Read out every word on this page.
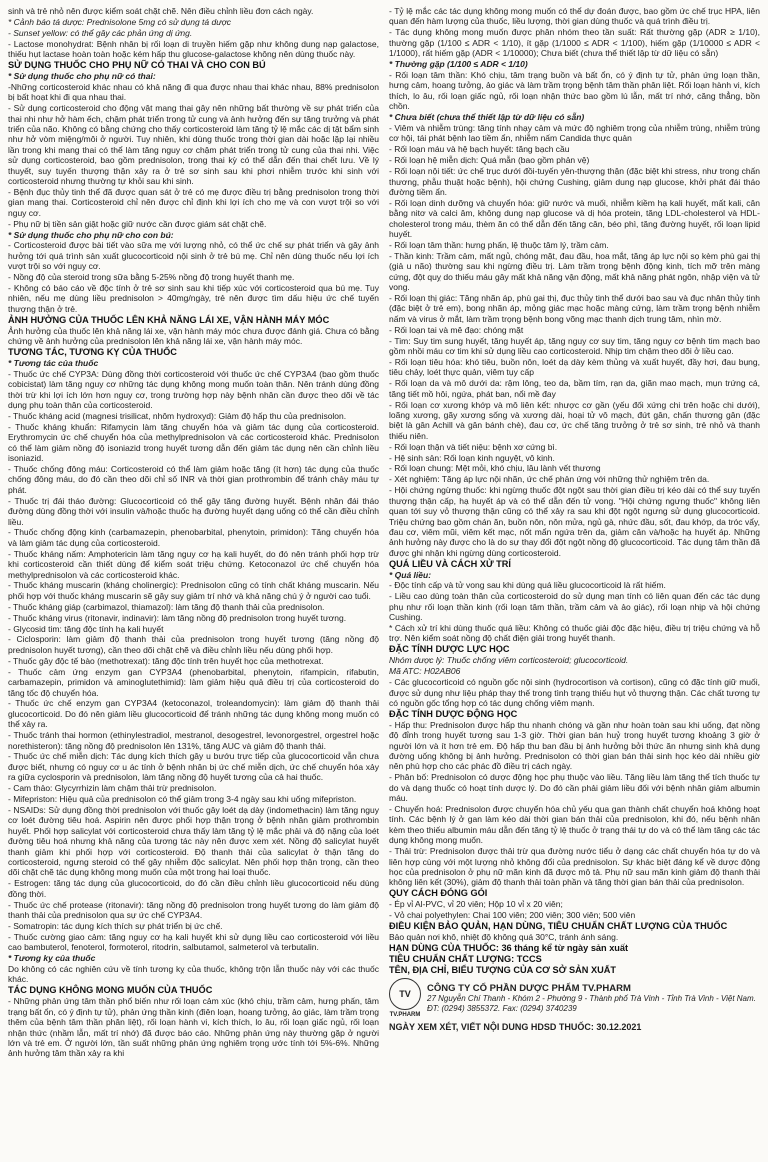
sinh và trẻ nhỏ nên được kiểm soát chặt chẽ. Nên điều chỉnh liều đơn cách ngày.

* Cảnh báo tá dược: Prednisolone 5mg có sử dụng tá dược

- Sunset yellow: có thể gây các phản ứng dị ứng.

- Lactose monohydrat: Bệnh nhân bị rối loạn di truyền hiếm gặp như không dung nạp galactose, thiếu hụt lactase hoàn toàn hoặc kém hấp thu glucose-galactose không nên dùng thuốc này.

SỬ DỤNG THUỐC CHO PHỤ NỮ CÓ THAI VÀ CHO CON BÚ

* Sử dụng thuốc cho phụ nữ có thai:

-Những corticosteroid khác nhau có khả năng đi qua được nhau thai khác nhau, 88% prednisolon bị bất hoạt khi đi qua nhau thai.

- Sử dụng corticosteroid cho động vật mang thai gây nên những bất thường về sự phát triển của thai nhi như hở hàm ếch, chậm phát triển trong tử cung và ảnh hưởng đến sự tăng trưởng và phát triển của não. Không có bằng chứng cho thấy corticosteroid làm tăng tỷ lệ mắc các dị tật bẩm sinh như hở vòm miệng/môi ở người. Tuy nhiên, khi dùng thuốc trong thời gian dài hoặc lặp lại nhiều lần trong khi mang thai có thể làm tăng nguy cơ chậm phát triển trong tử cung của thai nhi. Việc sử dụng corticosteroid, bao gồm prednisolon, trong thai kỳ có thể dẫn đến thai chết lưu. Về lý thuyết, suy tuyến thượng thận xảy ra ở trẻ sơ sinh sau khi phơi nhiễm trước khi sinh với corticosteroid nhưng thường tự khỏi sau khi sinh.

- Bệnh đục thủy tinh thể đã được quan sát ở trẻ có mẹ được điều trị bằng prednisolon trong thời gian mang thai. Corticosteroid chỉ nên được chỉ định khi lợi ích cho mẹ và con vượt trội so với nguy cơ.

- Phụ nữ bị tiền sản giật hoặc giữ nước cần được giám sát chặt chẽ.

* Sử dụng thuốc cho phụ nữ cho con bú:

- Corticosteroid được bài tiết vào sữa mẹ với lượng nhỏ, có thể ức chế sự phát triển và gây ảnh hưởng tới quá trình sản xuất glucocorticoid nội sinh ở trẻ bú mẹ. Chỉ nên dùng thuốc nếu lợi ích vượt trội so với nguy cơ.

- Nồng độ của steroid trong sữa bằng 5-25% nồng độ trong huyết thanh mẹ.

- Không có báo cáo về độc tính ở trẻ sơ sinh sau khi tiếp xúc với corticosteroid qua bú mẹ. Tuy nhiên, nếu mẹ dùng liều prednisolon > 40mg/ngày, trẻ nên được tìm dấu hiệu ức chế tuyến thượng thận ở trẻ.

ẢNH HƯỞNG CỦA THUỐC LÊN KHẢ NĂNG LÁI XE, VẬN HÀNH MÁY MÓC

Ảnh hưởng của thuốc lên khả năng lái xe, vận hành máy móc chưa được đánh giá. Chưa có bằng chứng về ảnh hưởng của prednisolon lên khả năng lái xe, vận hành máy móc.

TƯƠNG TÁC, TƯƠNG KỴ CỦA THUỐC

* Tương tác của thuốc

- Thuốc ức chế CYP3A: Dùng đồng thời corticosteroid với thuốc ức chế CYP3A4 (bao gồm thuốc cobicistat) làm tăng nguy cơ những tác dụng không mong muốn toàn thân. Nên tránh dùng đồng thời trừ khi lợi ích lớn hơn nguy cơ, trong trường hợp này bệnh nhân cần được theo dõi về tác dụng phụ toàn thân của corticosteroid.

- Thuốc kháng acid (magnesi trisilicat, nhôm hydroxyd): Giảm độ hấp thu của prednisolon.

- Thuốc kháng khuẩn: Rifamycin làm tăng chuyển hóa và giảm tác dụng của corticosteroid. Erythromycin ức chế chuyển hóa của methylprednisolon và các corticosteroid khác. Prednisolon có thể làm giảm nồng độ isoniazid trong huyết tương dẫn đến giảm tác dụng nên cần chỉnh liều isoniazid.

- Thuốc chống đông máu: Corticosteroid có thể làm giảm hoặc tăng (ít hơn) tác dụng của thuốc chống đông máu, do đó cần theo dõi chỉ số INR và thời gian prothrombin để tránh chảy máu tự phát.

- Thuốc trị đái tháo đường: Glucocorticoid có thể gây tăng đường huyết. Bệnh nhân đái tháo đường dùng đồng thời với insulin và/hoặc thuốc hạ đường huyết dạng uống có thể cần điều chỉnh liều.

- Thuốc chống động kinh (carbamazepin, phenobarbital, phenytoin, primidon): Tăng chuyển hóa và làm giảm tác dụng của corticosteroid.

- Thuốc kháng nấm: Amphotericin làm tăng nguy cơ hạ kali huyết, do đó nên tránh phối hợp trừ khi corticosteroid cần thiết dùng để kiểm soát triệu chứng. Ketoconazol ức chế chuyển hóa methylprednisolon và các corticosteroid khác.

- Thuốc kháng muscarin (kháng cholinergic): Prednisolon cũng có tính chất kháng muscarin. Nếu phối hợp với thuốc kháng muscarin sẽ gây suy giảm trí nhớ và khả năng chú ý ở người cao tuổi.

- Thuốc kháng giáp (carbimazol, thiamazol): làm tăng độ thanh thải của prednisolon.

- Thuốc kháng virus (ritonavir, indinavir): làm tăng nồng độ prednisolon trong huyết tương.

- Glycosid tim: tăng độc tính hạ kali huyết

- Ciclosporin: làm giảm độ thanh thải của prednisolon trong huyết tương (tăng nồng độ prednisolon huyết tương), cần theo dõi chặt chẽ và điều chỉnh liều nếu dùng phối hợp.

- Thuốc gây độc tế bào (methotrexat): tăng độc tính trên huyết học của methotrexat.

- Thuốc cảm ứng enzym gan CYP3A4 (phenobarbital, phenytoin, rifampicin, rifabutin, carbamazepin, primidon và aminoglutethimid): làm giảm hiệu quả điều trị của corticosteroid do tăng tốc độ chuyển hóa.

- Thuốc ức chế enzym gan CYP3A4 (ketoconazol, troleandomycin): làm giảm độ thanh thải glucocorticoid. Do đó nên giảm liều glucocorticoid để tránh những tác dụng không mong muốn có thể xảy ra.

- Thuốc tránh thai hormon (ethinylestradiol, mestranol, desogestrel, levonorgestrel, orgestrel hoặc norethisteron): tăng nồng độ prednisolon lên 131%, tăng AUC và giảm độ thanh thải.

- Thuốc ức chế miễn dịch: Tác dụng kích thích gây u bướu trực tiếp của glucocorticoid vẫn chưa được biết, nhưng có nguy cơ u ác tính ở bệnh nhân bị ức chế miễn dịch, ức chế chuyển hóa xảy ra giữa cyclosporin và prednisolon, làm tăng nồng độ huyết tương của cả hai thuốc.

- Cam thảo: Glycyrrhizin làm chậm thải trừ prednisolon.

- Mifepriston: Hiệu quả của prednisolon có thể giảm trong 3-4 ngày sau khi uống mifepriston.

- NSAIDs: Sử dụng đồng thời prednisolon với thuốc gây loét dạ dày (indomethacin) làm tăng nguy cơ loét đường tiêu hoá. Aspirin nên được phối hợp thận trọng ở bệnh nhân giảm prothrombin huyết. Phối hợp salicylat với corticosteroid chưa thấy làm tăng tỷ lệ mắc phải và độ nặng của loét đường tiêu hoá nhưng khả năng của tương tác này nên được xem xét. Nồng độ salicylat huyết thanh giảm khi phối hợp với corticosteroid. Độ thanh thải của salicylat ở thận tăng do corticosteroid, ngưng steroid có thể gây nhiễm độc salicylat. Nên phối hợp thận trọng, cần theo dõi chặt chẽ tác dụng không mong muốn của một trong hai loại thuốc.

- Estrogen: tăng tác dụng của glucocorticoid, do đó cần điều chỉnh liều glucocorticoid nếu dùng đồng thời.

- Thuốc ức chế protease (ritonavir): tăng nồng độ prednisolon trong huyết tương do làm giảm độ thanh thải của prednisolon qua sự ức chế CYP3A4.

- Somatropin: tác dụng kích thích sự phát triển bị ức chế.

- Thuốc cường giao cảm: tăng nguy cơ hạ kali huyết khi sử dụng liều cao corticosteroid với liều cao bambuterol, fenoterol, formoterol, ritodrin, salbutamol, salmeterol và terbutalin.

* Tương kỵ của thuốc

Do không có các nghiên cứu về tính tương kỵ của thuốc, không trộn lẫn thuốc này với các thuốc khác.

TÁC DỤNG KHÔNG MONG MUỐN CỦA THUỐC

- Những phản ứng tâm thần phổ biến như rối loạn cảm xúc (khó chịu, trầm cảm, hưng phấn, tâm trạng bất ổn, có ý định tự tử), phản ứng thần kinh (điên loạn, hoang tưởng, ảo giác, làm trầm trọng thêm của bệnh tâm thần phân liệt), rối loạn hành vi, kích thích, lo âu, rối loạn giấc ngủ, rối loạn nhận thức (nhầm lẫn, mất trí nhớ) đã được báo cáo. Những phản ứng này thường gặp ở người lớn và trẻ em. Ở người lớn, tần suất những phản ứng nghiêm trọng ước tính tới 5%-6%. Những ảnh hưởng tâm thần xảy ra khi

- Tỷ lệ mắc các tác dụng không mong muốn có thể dự đoán được, bao gồm ức chế trục HPA, liên quan đến hàm lượng của thuốc, liều lượng, thời gian dùng thuốc và quá trình điều trị.

- Tác dụng không mong muốn được phân nhóm theo tần suất: Rất thường gặp (ADR ≥ 1/10), thường gặp (1/100 ≤ ADR < 1/10), ít gặp (1/1000 ≤ ADR < 1/100), hiếm gặp (1/10000 ≤ ADR < 1/1000), rất hiếm gặp (ADR < 1/10000); Chưa biết (chưa thể thiết lập từ dữ liệu có sẵn)

* Thường gặp (1/100 ≤ ADR < 1/10)

- Rối loạn tâm thần: Khó chịu, tâm trạng buồn và bất ổn, có ý định tự tử, phản ứng loạn thần, hưng cảm, hoang tưởng, ảo giác và làm trầm trọng bệnh tâm thần phân liệt. Rối loạn hành vi, kích thích, lo âu, rối loạn giấc ngủ, rối loạn nhận thức bao gồm lú lẫn, mất trí nhớ, căng thẳng, bồn chồn.

* Chưa biết (chưa thể thiết lập từ dữ liệu có sẵn)

- Viêm và nhiễm trùng: tăng tính nhạy cảm và mức độ nghiêm trọng của nhiễm trùng, nhiễm trùng cơ hội, tái phát bệnh lao tiềm ẩn, nhiễm nấm Candida thực quản

- Rối loạn máu và hệ bạch huyết: tăng bạch cầu

- Rối loạn hệ miễn dịch: Quá mẫn (bao gồm phản vệ)

- Rối loạn nội tiết: ức chế trục dưới đồi-tuyến yên-thượng thận (đặc biệt khi stress, như trong chấn thương, phẫu thuật hoặc bệnh), hội chứng Cushing, giảm dung nạp glucose, khởi phát đái tháo đường tiềm ẩn.

- Rối loạn dinh dưỡng và chuyển hóa: giữ nước và muối, nhiễm kiềm hạ kali huyết, mất kali, cân bằng nitơ và calci âm, không dung nạp glucose và dị hóa protein, tăng LDL-cholesterol và HDL-cholesterol trong máu, thèm ăn có thể dẫn đến tăng cân, béo phì, tăng đường huyết, rối loạn lipid huyết.

- Rối loạn tâm thần: hưng phấn, lệ thuộc tâm lý, trầm cảm.

- Thần kinh: Trầm cảm, mất ngủ, chóng mặt, đau đầu, hoa mắt, tăng áp lực nội sọ kèm phù gai thị (giả u não) thường sau khi ngừng điều trị. Làm trầm trọng bệnh động kinh, tích mỡ trên màng cứng, đột quỵ do thiếu máu gây mất khả năng vận động, mất khả năng phát ngôn, nhập viện và tử vong.

- Rối loạn thị giác: Tăng nhãn áp, phù gai thị, đục thủy tinh thể dưới bao sau và đục nhân thủy tinh (đặc biệt ở trẻ em), bong nhãn áp, mỏng giác mạc hoặc màng cứng, làm trầm trọng bệnh nhiễm nấm và virus ở mắt, làm trầm trọng bệnh bong võng mạc thanh dịch trung tâm, nhìn mờ.

- Rối loạn tai và mê đạo: chóng mặt

- Tim: Suy tim sung huyết, tăng huyết áp, tăng nguy cơ suy tim, tăng nguy cơ bệnh tim mạch bao gồm nhồi máu cơ tim khi sử dụng liều cao corticosteroid. Nhịp tim chậm theo dõi ở liều cao.

- Rối loạn tiêu hóa: khó tiêu, buồn nôn, loét dạ dày kèm thủng và xuất huyết, đầy hơi, đau bụng, tiêu chảy, loét thực quản, viêm tụy cấp

- Rối loạn da và mô dưới da: rậm lông, teo da, bầm tím, rạn da, giãn mao mạch, mụn trứng cá, tăng tiết mồ hôi, ngứa, phát ban, nổi mề đay

- Rối loạn cơ xương khớp và mô liên kết: nhược cơ gần (yếu đối xứng chi trên hoặc chi dưới), loãng xương, gãy xương sống và xương dài, hoại tử vô mạch, đứt gân, chấn thương gân (đặc biệt là gân Achill và gân bánh chè), đau cơ, ức chế tăng trưởng ở trẻ sơ sinh, trẻ nhỏ và thanh thiếu niên.

- Rối loạn thận và tiết niệu: bệnh xơ cứng bì.

- Hệ sinh sản: Rối loạn kinh nguyệt, vô kinh.

- Rối loạn chung: Mệt mỏi, khó chịu, lâu lành vết thương

- Xét nghiệm: Tăng áp lực nội nhãn, ức chế phản ứng với những thử nghiệm trên da.

- Hội chứng ngừng thuốc: khi ngừng thuốc đột ngột sau thời gian điều trị kéo dài có thể suy tuyến thượng thận cấp, hạ huyết áp và có thể dẫn đến tử vong. "Hội chứng ngưng thuốc" không liên quan tới suy vỏ thượng thận cũng có thể xảy ra sau khi đột ngột ngưng sử dụng glucocorticoid. Triệu chứng bao gồm chán ăn, buồn nôn, nôn mửa, ngủ gà, nhức đầu, sốt, đau khớp, da tróc vẩy, đau cơ, viêm mũi, viêm kết mạc, nốt mẩn ngứa trên da, giảm cân và/hoặc hạ huyết áp. Những ảnh hưởng này được cho là do sự thay đổi đột ngột nồng độ glucocorticoid. Tác dụng tâm thần đã được ghi nhận khi ngừng dùng corticosteroid.

QUÁ LIỀU VÀ CÁCH XỬ TRÍ

* Quá liều:

- Độc tính cấp và tử vong sau khi dùng quá liều glucocorticoid là rất hiếm.

- Liều cao dùng toàn thân của corticosteroid do sử dụng mạn tính có liên quan đến các tác dụng phụ như rối loạn thần kinh (rối loạn tâm thần, trầm cảm và ảo giác), rối loạn nhịp và hội chứng Cushing.

* Cách xử trí khi dùng thuốc quá liều: Không có thuốc giải độc đặc hiệu, điều trị triệu chứng và hỗ trợ. Nên kiểm soát nồng độ chất điện giải trong huyết thanh.

ĐẶC TÍNH DƯỢC LỰC HỌC

Nhóm dược lý: Thuốc chống viêm corticosteroid; glucocorticoid.

Mã ATC: H02AB06

- Các glucocorticoid có nguồn gốc nội sinh (hydrocortison và cortison), cũng có đặc tính giữ muối, được sử dụng như liệu pháp thay thế trong tình trạng thiếu hụt vỏ thượng thận. Các chất tương tự có nguồn gốc tổng hợp có tác dụng chống viêm mạnh.

ĐẶC TÍNH DƯỢC ĐỘNG HỌC

- Hấp thu: Prednisolon được hấp thu nhanh chóng và gần như hoàn toàn sau khi uống, đạt nồng độ đỉnh trong huyết tương sau 1-3 giờ. Thời gian bán huỷ trong huyết tương khoảng 3 giờ ở người lớn và ít hơn trẻ em. Độ hấp thu ban đầu bị ảnh hưởng bởi thức ăn nhưng sinh khả dụng đường uống không bị ảnh hưởng. Prednisolon có thời gian bán thải sinh học kéo dài nhiều giờ nên phù hợp cho các phác đồ điều trị cách ngày.

- Phân bố: Prednisolon có dược động học phụ thuộc vào liều. Tăng liều làm tăng thể tích thuốc tự do và dạng thuốc có hoạt tính dược lý. Do đó cần phải giảm liều đối với bệnh nhân giảm albumin máu.

- Chuyển hoá: Prednisolon được chuyển hóa chủ yếu qua gan thành chất chuyển hoá không hoạt tính. Các bệnh lý ở gan làm kéo dài thời gian bán thải của prednisolon, khi đó, nếu bệnh nhân kèm theo thiếu albumin máu dẫn đến tăng tỷ lệ thuốc ở trạng thái tự do và có thể làm tăng các tác dụng không mong muốn.

- Thải trừ: Prednisolon được thải trừ qua đường nước tiểu ở dạng các chất chuyển hóa tự do và liên hợp cùng với một lượng nhỏ không đổi của prednisolon. Sự khác biệt đáng kể về dược động học của prednisolon ở phụ nữ mãn kinh đã được mô tả. Phụ nữ sau mãn kinh giảm độ thanh thải không liên kết (30%), giảm độ thanh thải toàn phần và tăng thời gian bán thải của prednisolon.

QUY CÁCH ĐÓNG GÓI

- Ép vỉ Al-PVC, vỉ 20 viên; Hộp 10 vỉ x 20 viên;

- Vỏ chai polyethylen: Chai 100 viên; 200 viên; 300 viên; 500 viên

ĐIỀU KIỆN BẢO QUẢN, HẠN DÙNG, TIÊU CHUẨN CHẤT LƯỢNG CỦA THUỐC

Bảo quản nơi khô, nhiệt độ không quá 30°C, tránh ánh sáng.

HẠN DÙNG CỦA THUỐC: 36 tháng kể từ ngày sản xuất

TIÊU CHUẨN CHẤT LƯỢNG: TCCS

TÊN, ĐỊA CHỈ, BIỂU TƯỢNG CỦA CƠ SỞ SẢN XUẤT

TV
TV.PHARM
CÔNG TY CỔ PHẦN DƯỢC PHẨM TV.PHARM
27 Nguyễn Chí Thanh - Khóm 2 - Phường 9 - Thành phố Trà Vinh - Tỉnh Trà Vinh - Việt Nam.
ĐT: (0294) 3855372. Fax: (0294) 3740239
NGÀY XEM XÉT, VIẾT NỘI DUNG HDSD THUỐC: 30.12.2021
